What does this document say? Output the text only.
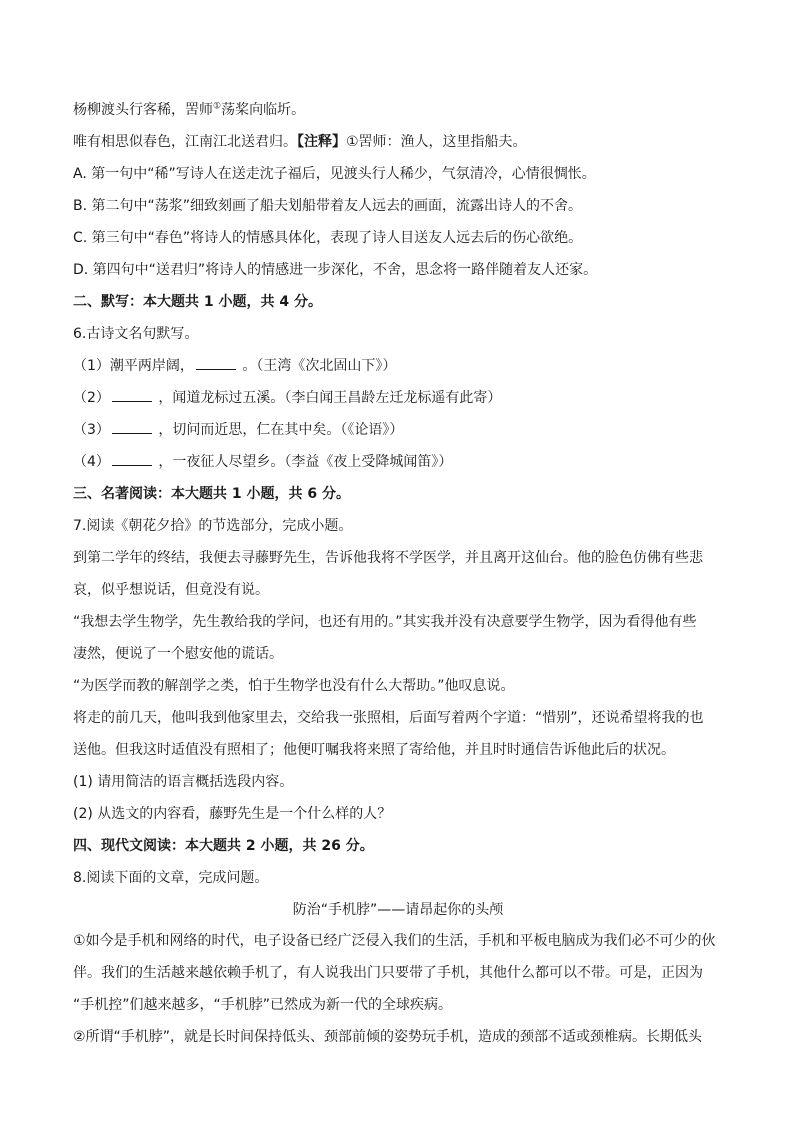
杨柳渡头行客稀，罟师①荡桨向临圻。
唯有相思似春色，江南江北送君归。【注释】①罟师：渔人，这里指船夫。
A. 第一句中“稀”写诗人在送走沈子福后，见渡头行人稀少，气氛清冷，心情很惆怅。
B. 第二句中“荡浆”细致刻画了船夫划船带着友人远去的画面，流露出诗人的不舍。
C. 第三句中“春色”将诗人的情感具体化，表现了诗人目送友人远去后的伤心欲绝。
D. 第四句中“送君归”将诗人的情感进一步深化，不舍，思念将一路伴随着友人还家。
二、默写：本大题共 1 小题，共 4 分。
6.古诗文名句默写。
（1）潮平两岸阔，	。（王湾《次北固山下》）
（2）	，闻道龙标过五溪。（李白闻王昌龄左迁龙标遥有此寄）
（3）	，切问而近思，仁在其中矣。（《论语》）
（4）	，一夜征人尽望乡。（李益《夜上受降城闻笛》）
三、名著阅读：本大题共 1 小题，共 6 分。
7.阅读《朝花夕拾》的节选部分，完成小题。
到第二学年的终结，我便去寻藤野先生，告诉他我将不学医学，并且离开这仙台。他的脸色仿佛有些悲
哀，似乎想说话，但竟没有说。
“我想去学生物学，先生教给我的学问，也还有用的。”其实我并没有决意要学生物学，因为看得他有些
凄然，便说了一个慰安他的谎话。
“为医学而教的解剖学之类，怕于生物学也没有什么大帮助。”他叹息说。
将走的前几天，他叫我到他家里去，交给我一张照相，后面写着两个字道：“惜别”，还说希望将我的也
送他。但我这时适值没有照相了；他便叮嘱我将来照了寄给他，并且时时通信告诉他此后的状况。
(1) 请用简洁的语言概括选段内容。
(2) 从选文的内容看，藤野先生是一个什么样的人？
四、现代文阅读：本大题共 2 小题，共 26 分。
8.阅读下面的文章，完成问题。
防治“手机脖”——请昂起你的头颅
①如今是手机和网络的时代，电子设备已经广泛侵入我们的生活，手机和平板电脑成为我们必不可少的伙
伴。我们的生活越来越依赖手机了，有人说我出门只要带了手机，其他什么都可以不带。可是，正因为
“手机控”们越来越多，“手机脖”已然成为新一代的全球疾病。
②所谓“手机脖”，就是长时间保持低头、颈部前倾的姿势玩手机，造成的颈部不适或颈椎病。长期低头
